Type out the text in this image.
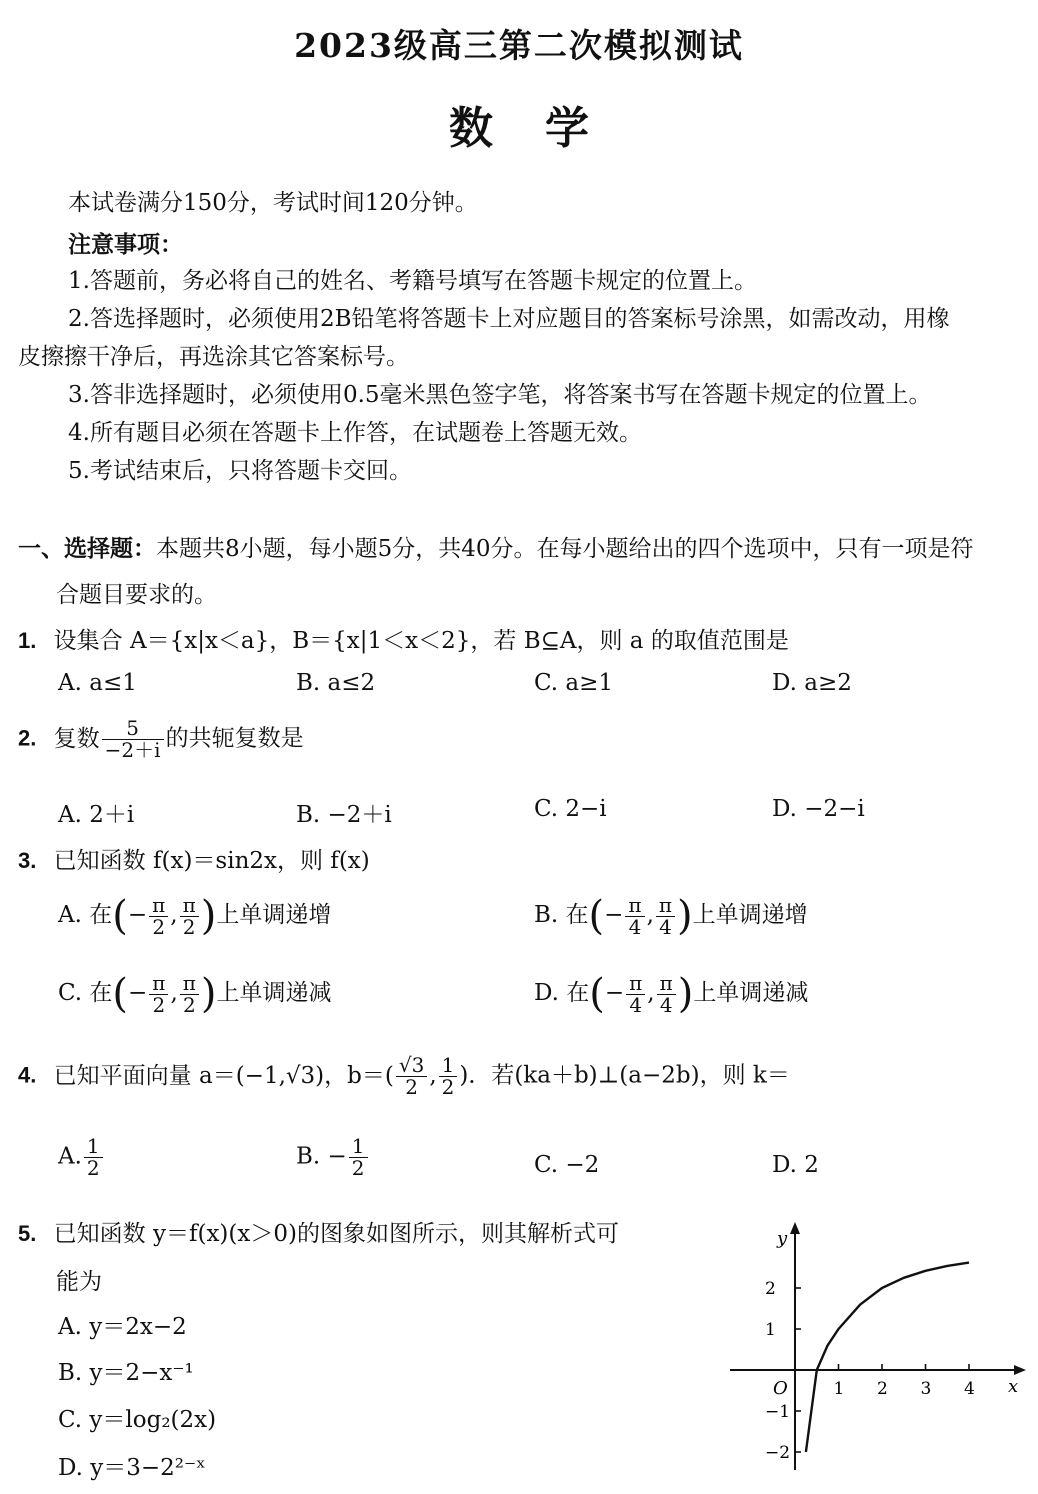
2023级高三第二次模拟测试
数学
本试卷满分150分，考试时间120分钟。
注意事项：
1.答题前，务必将自己的姓名、考籍号填写在答题卡规定的位置上。
2.答选择题时，必须使用2B铅笔将答题卡上对应题目的答案标号涂黑，如需改动，用橡
皮擦擦干净后，再选涂其它答案标号。
3.答非选择题时，必须使用0.5毫米黑色签字笔，将答案书写在答题卡规定的位置上。
4.所有题目必须在答题卡上作答，在试题卷上答题无效。
5.考试结束后，只将答题卡交回。
一、选择题：本题共8小题，每小题5分，共40分。在每小题给出的四个选项中，只有一项是符
合题目要求的。
1. 设集合 A＝{x|x＜a}，B＝{x|1＜x＜2}，若 B⊆A，则 a 的取值范围是
A. a≤1	B. a≤2	C. a≥1	D. a≥2
2. 复数 $\frac{5}{-2+i}$ 的共轭复数是
A. 2＋i	B. −2＋i	C. 2−i	D. −2−i
3. 已知函数 f(x)＝sin2x，则 f(x)
A. 在(− $\frac{\pi}{2}$ , $\frac{\pi}{2}$ )上单调递增	B. 在(− $\frac{\pi}{4}$ , $\frac{\pi}{4}$ )上单调递增
C. 在(− $\frac{\pi}{2}$ , $\frac{\pi}{2}$ )上单调递减	D. 在(− $\frac{\pi}{4}$ , $\frac{\pi}{4}$ )上单调递减
4. 已知平面向量 a＝(−1,√3)，$b=( \frac{√3}{2}$ , $\frac{1}{2}$ )．若(ka＋b)⊥(a−2b)，则 k＝
A. $\frac{1}{2}$	B. − $\frac{1}{2}$	C. −2	D. 2
5. 已知函数 y＝f(x)(x＞0)的图象如图所示，则其解析式可
能为
A. y＝2x−2
B. y＝2−x⁻¹
C. y＝log₂(2x)
D. y＝3−2²⁻ˣ
x
y
O	1 2 3 4
2
1
−1
−2
